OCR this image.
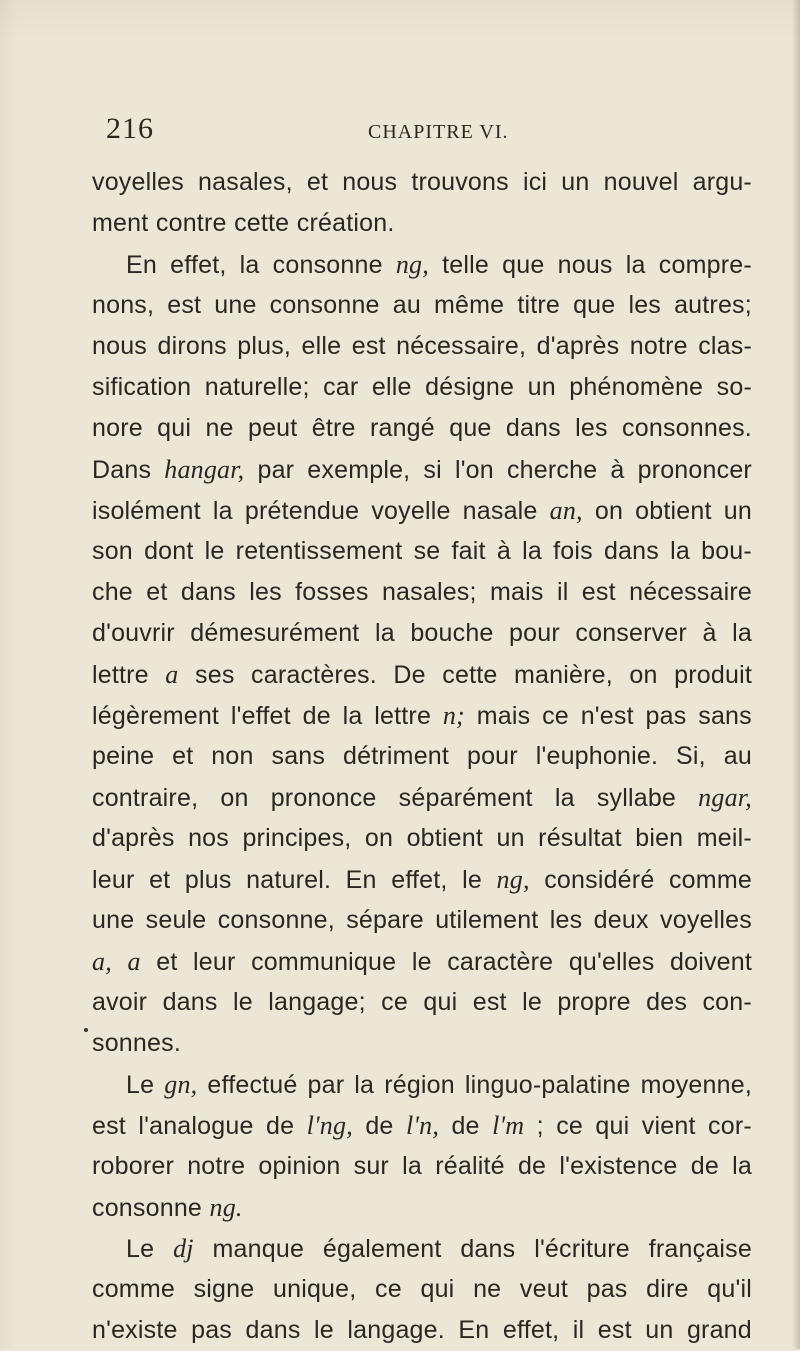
216	CHAPITRE VI.
voyelles nasales, et nous trouvons ici un nouvel argu-
ment contre cette création.
En effet, la consonne ng, telle que nous la compre-
nons, est une consonne au même titre que les autres;
nous dirons plus, elle est nécessaire, d'après notre clas-
sification naturelle; car elle désigne un phénomène so-
nore qui ne peut être rangé que dans les consonnes.
Dans hangar, par exemple, si l'on cherche à prononcer
isolément la prétendue voyelle nasale an, on obtient un
son dont le retentissement se fait à la fois dans la bou-
che et dans les fosses nasales; mais il est nécessaire
d'ouvrir démesurément la bouche pour conserver à la
lettre a ses caractères. De cette manière, on produit
légèrement l'effet de la lettre n; mais ce n'est pas sans
peine et non sans détriment pour l'euphonie. Si, au
contraire, on prononce séparément la syllabe ngar,
d'après nos principes, on obtient un résultat bien meil-
leur et plus naturel. En effet, le ng, considéré comme
une seule consonne, sépare utilement les deux voyelles
a, a et leur communique le caractère qu'elles doivent
avoir dans le langage; ce qui est le propre des con-
sonnes.
Le gn, effectué par la région linguo-palatine moyenne,
est l'analogue de l'ng, de l'n, de l'm ; ce qui vient cor-
roborer notre opinion sur la réalité de l'existence de la
consonne ng.
Le dj manque également dans l'écriture française
comme signe unique, ce qui ne veut pas dire qu'il
n'existe pas dans le langage. En effet, il est un grand
